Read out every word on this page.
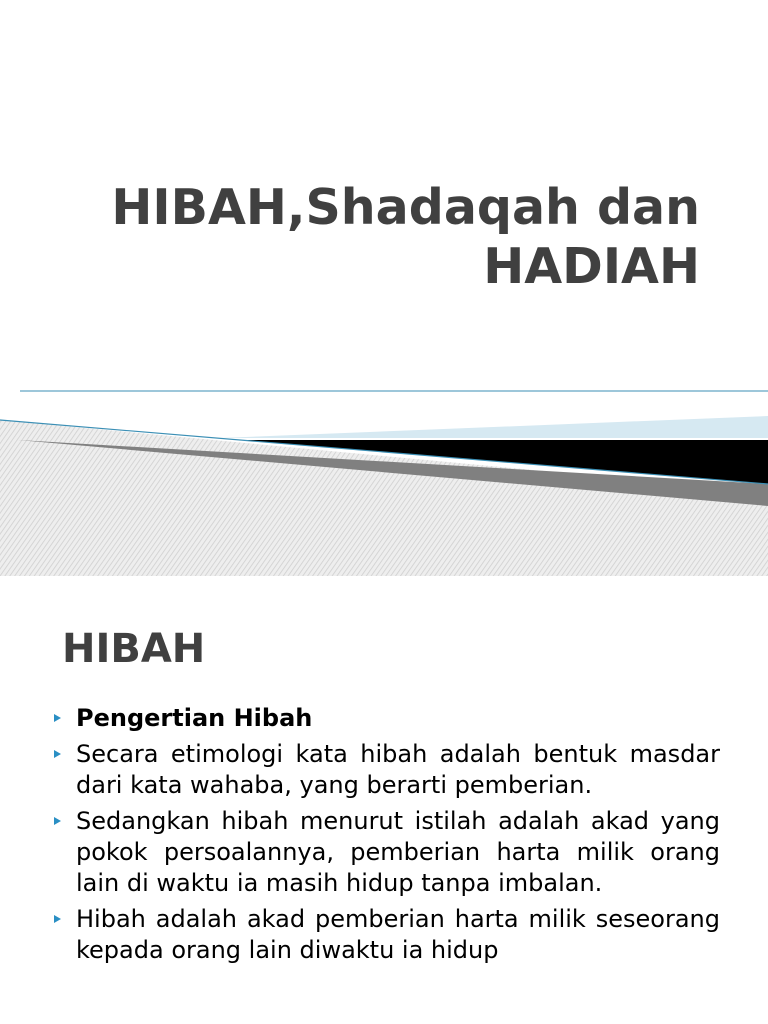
HIBAH,Shadaqah dan
HADIAH
HIBAH
Pengertian Hibah
Secara etimologi kata hibah adalah bentuk masdar dari kata wahaba, yang berarti pemberian.
Sedangkan hibah menurut istilah adalah akad yang pokok persoalannya, pemberian harta milik orang lain di waktu ia masih hidup tanpa imbalan.
Hibah adalah akad pemberian harta milik seseorang kepada orang lain diwaktu ia hidup
